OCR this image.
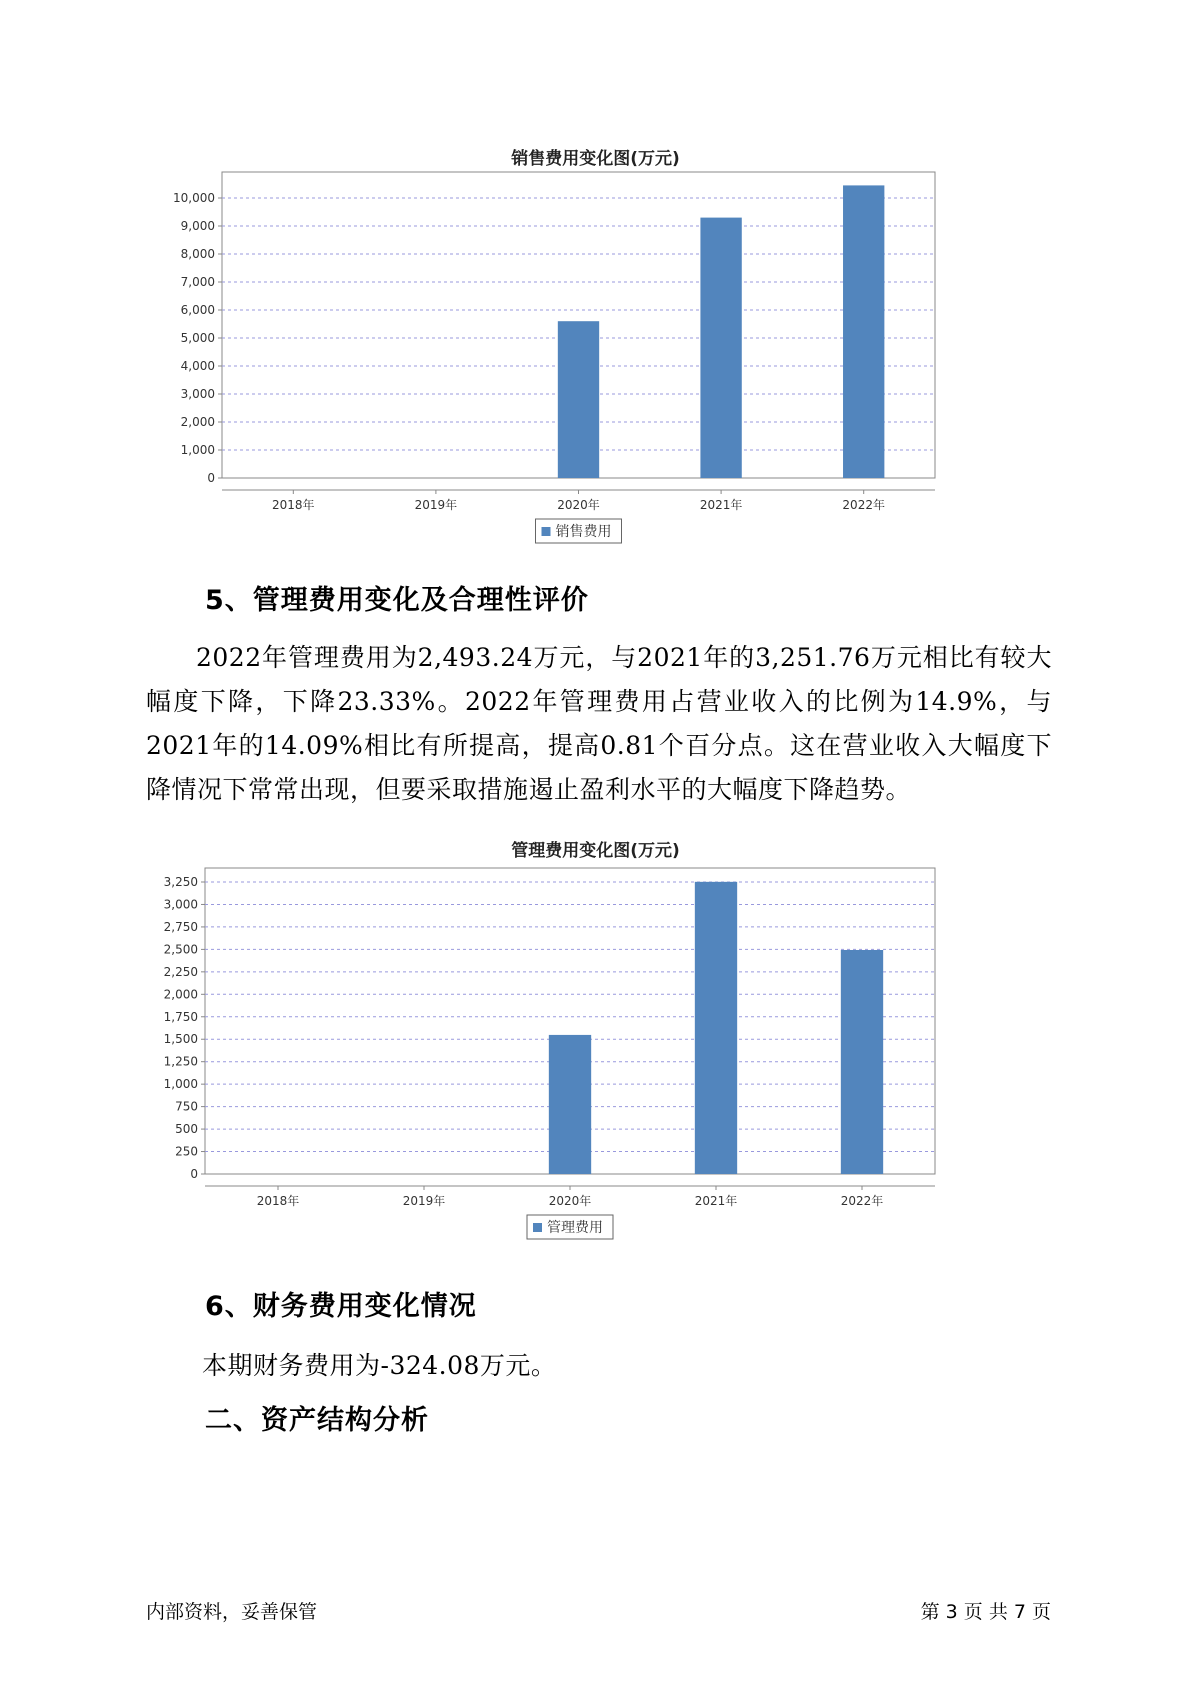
销售费用变化图(万元)
0
1,000
2,000
3,000
4,000
5,000
6,000
7,000
8,000
9,000
10,000
2018年	2019年	2020年	2021年	2022年
销售费用
5、管理费用变化及合理性评价

2022年管理费用为2,493.24万元，与2021年的3,251.76万元相比有较大幅度下降，下降23.33%。2022年管理费用占营业收入的比例为14.9%，与2021年的14.09%相比有所提高，提高0.81个百分点。这在营业收入大幅度下降情况下常常出现，但要采取措施遏止盈利水平的大幅度下降趋势。

管理费用变化图(万元)
0
250
500
750
1,000
1,250
1,500
1,750
2,000
2,250
2,500
2,750
3,000
3,250
2018年	2019年	2020年	2021年	2022年
管理费用
6、财务费用变化情况

本期财务费用为-324.08万元。

二、资产结构分析
内部资料，妥善保管	第 3 页 共 7 页
